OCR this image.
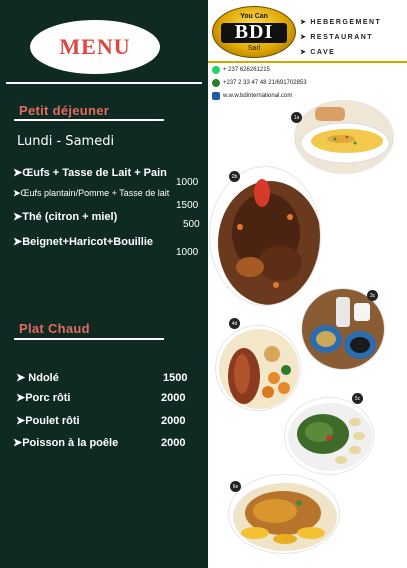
MENU
Petit déjeuner
Lundi - Samedi
➤Œufs + Tasse de Lait + Pain
1000
➤Œufs plantain/Pomme + Tasse de lait
1500
➤Thé (citron + miel)
500
➤Beignet+Haricot+Bouillie
1000
Plat Chaud
➤ Ndolé	1500
➤Porc rôti	2000
➤Poulet rôti	2000
➤Poisson à la poêle	2000
You Can
BDI
Sarl
➤ HEBERGEMENT
➤ RESTAURANT
➤ CAVE
+ 237 626261215
+237 2 33 47 48 21/691702853
w.w.w.bdinternational.com
1a
2b
3c
4d
5c
6e
